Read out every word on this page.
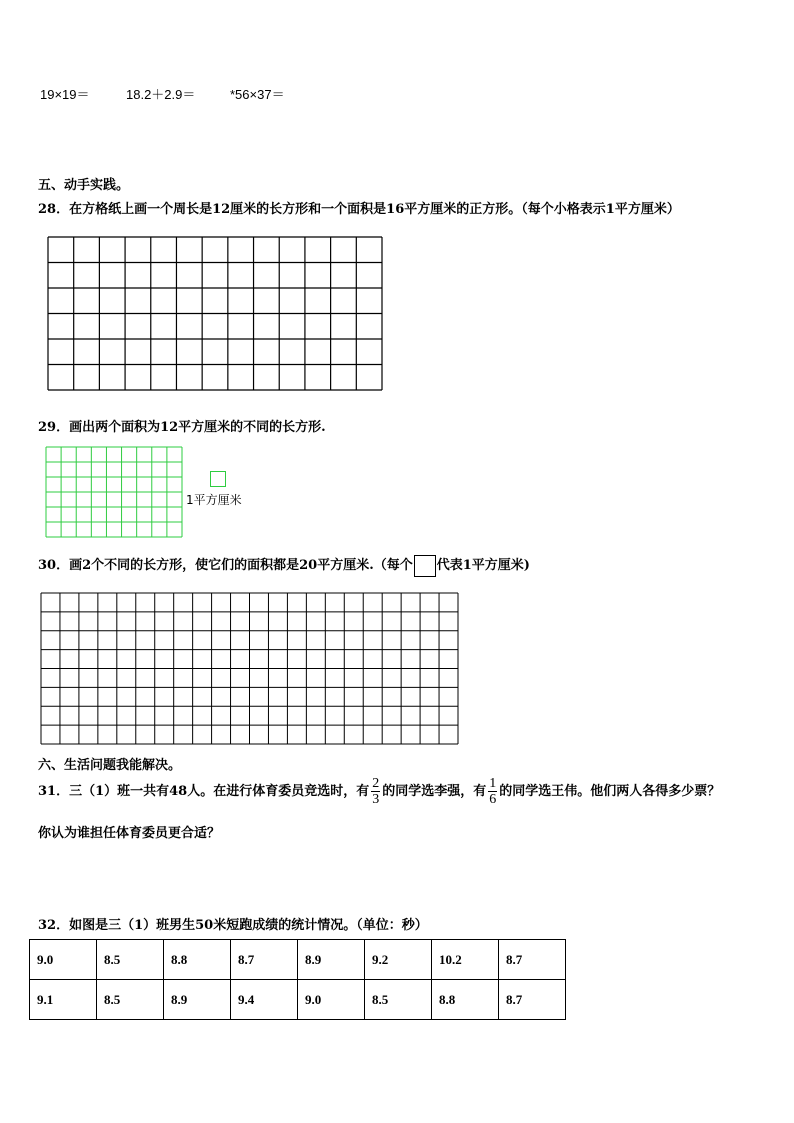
19×19＝	18.2＋2.9＝	*56×37＝
五、动手实践。
28．在方格纸上画一个周长是12厘米的长方形和一个面积是16平方厘米的正方形。（每个小格表示1平方厘米）
29．画出两个面积为12平方厘米的不同的长方形.
1平方厘米
30．画2个不同的长方形，使它们的面积都是20平方厘米.（每个 代表1平方厘米)
六、生活问题我能解决。
31．三（1）班一共有48人。在进行体育委员竞选时，有 $\frac{2}{3}$ 的同学选李强，有 $\frac{1}{6}$ 的同学选王伟。他们两人各得多少票？
你认为谁担任体育委员更合适？
32．如图是三（1）班男生50米短跑成绩的统计情况。（单位：秒）
9.0	8.5	8.8	8.7	8.9	9.2	10.2	8.7
9.1	8.5	8.9	9.4	9.0	8.5	8.8	8.7
